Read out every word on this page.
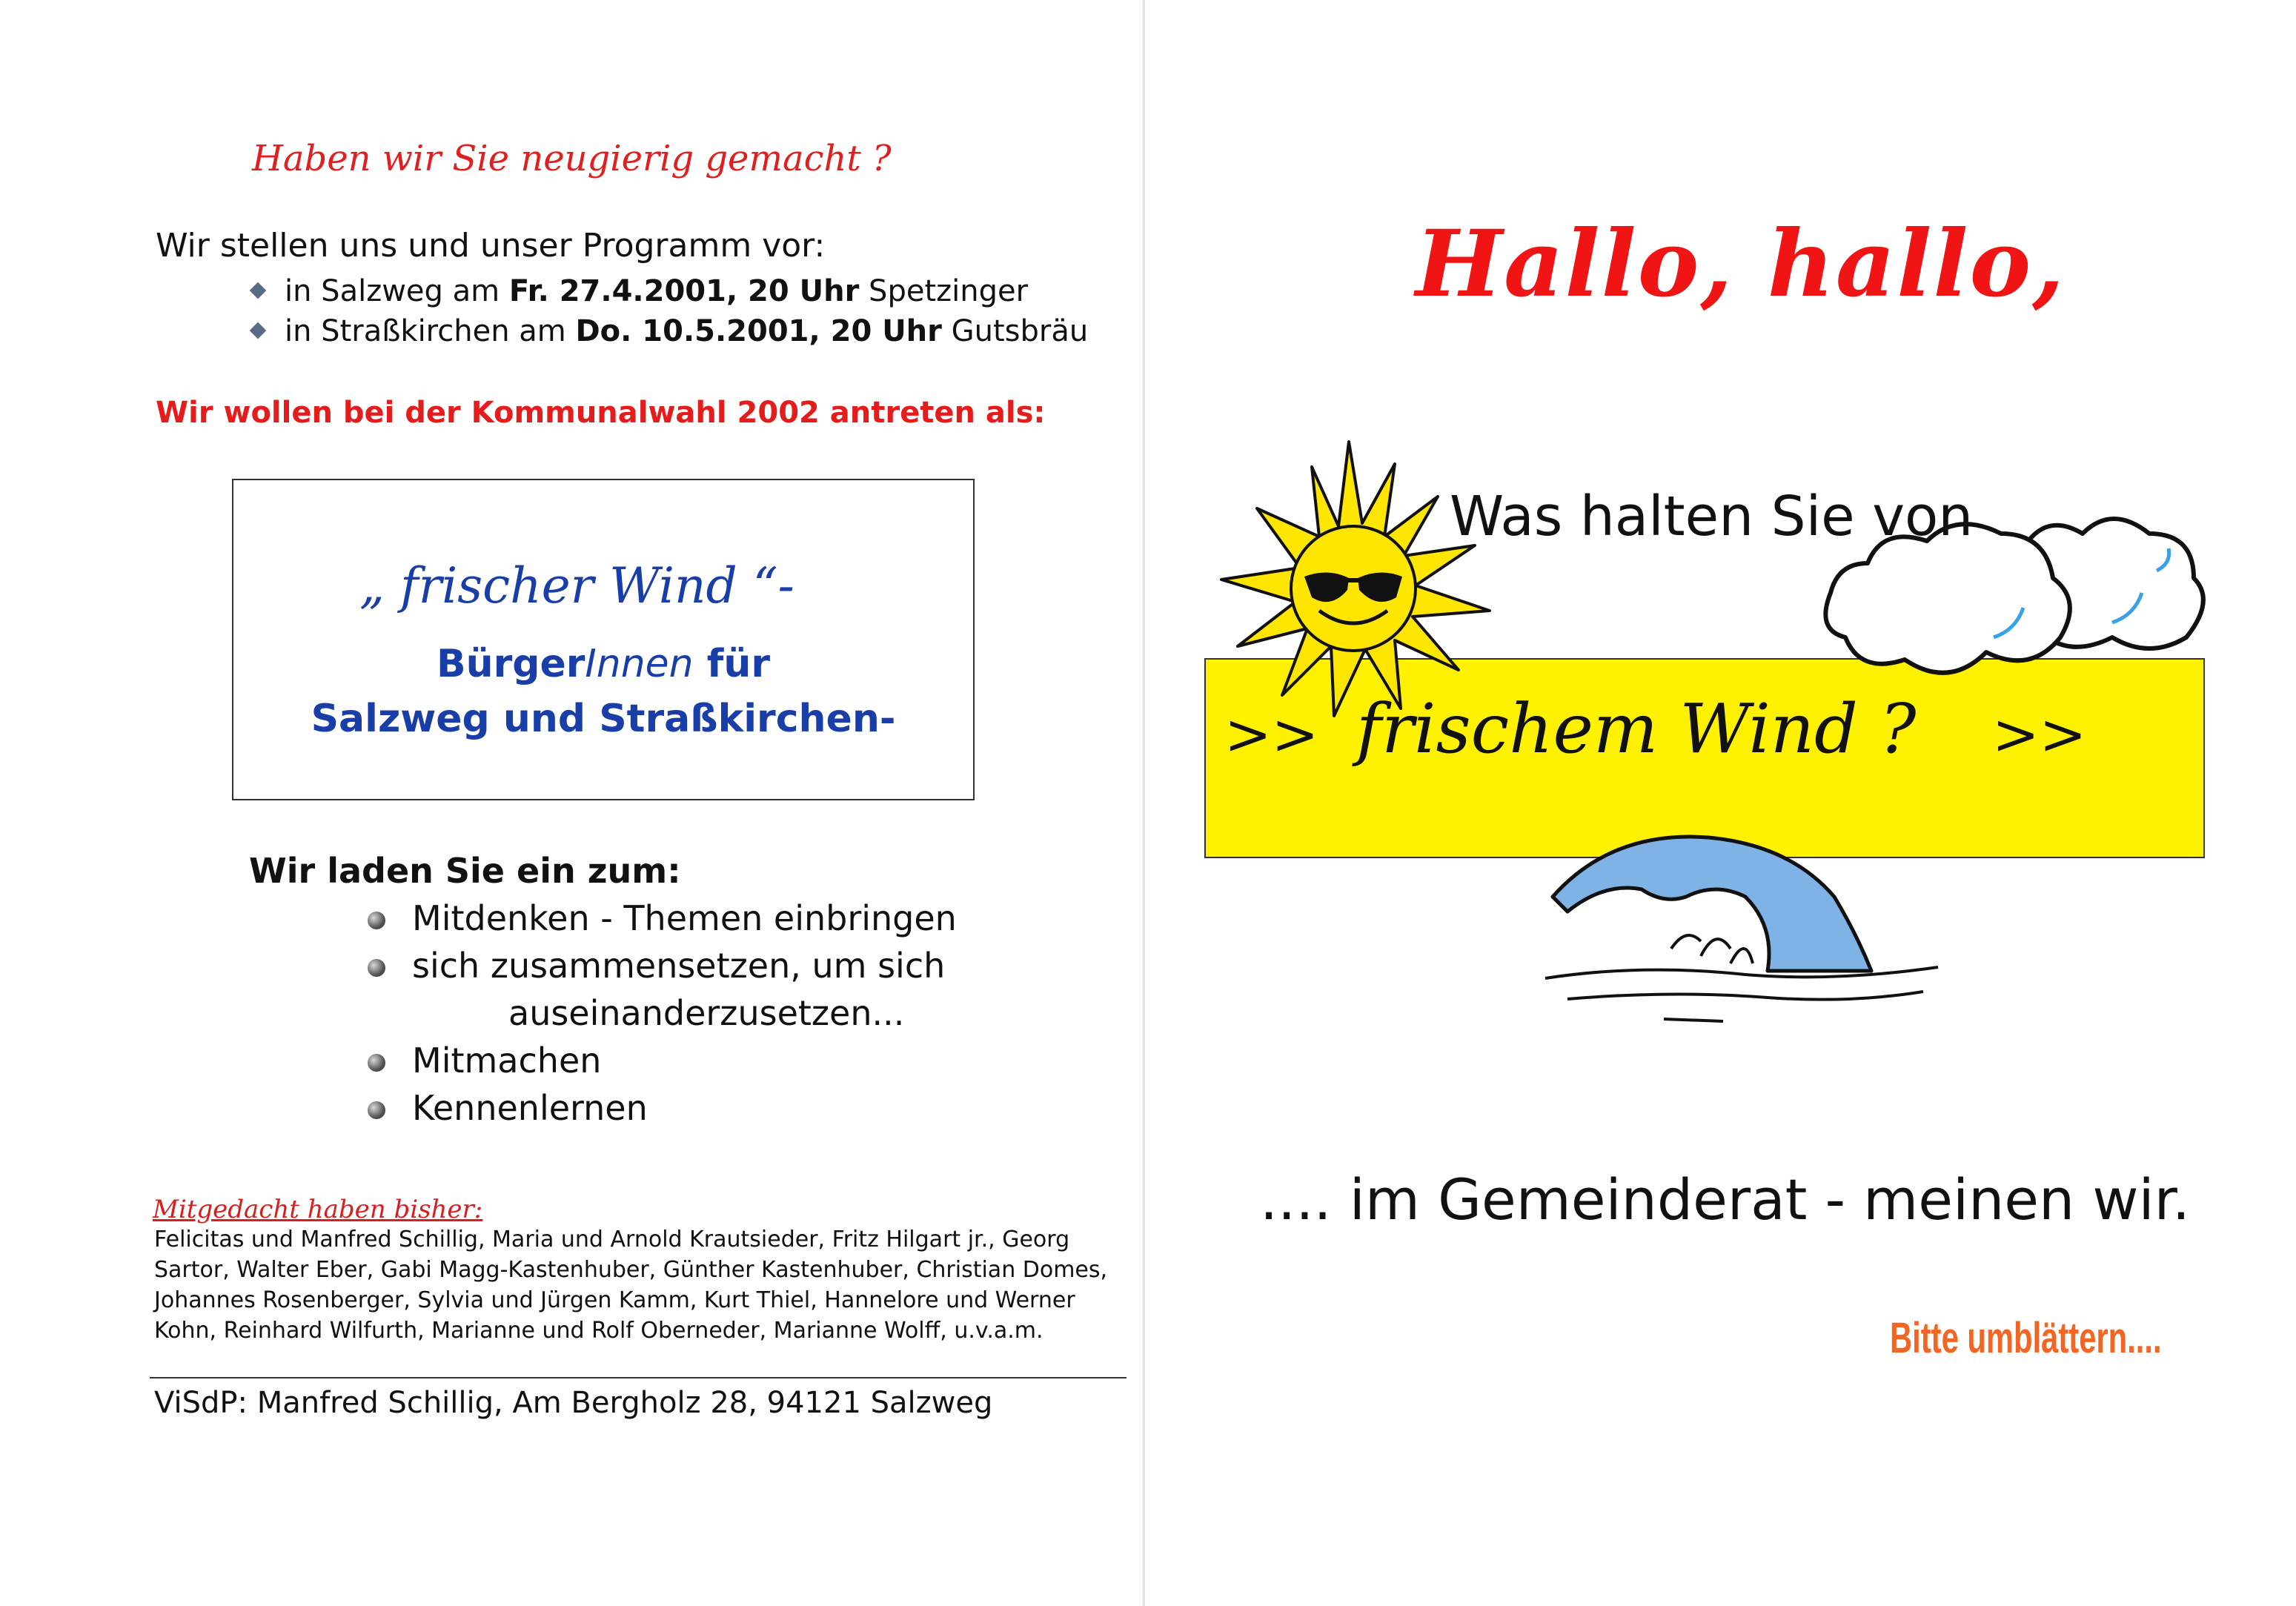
Haben wir Sie neugierig gemacht ?

Wir stellen uns und unser Programm vor:

in Salzweg am Fr. 27.4.2001, 20 Uhr Spetzinger
in Straßkirchen am Do. 10.5.2001, 20 Uhr Gutsbräu

Wir wollen bei der Kommunalwahl 2002 antreten als:

„ frischer Wind “-
BürgerInnen für
Salzweg und Straßkirchen-

Wir laden Sie ein zum:

Mitdenken - Themen einbringen
sich zusammensetzen, um sich
auseinanderzusetzen...
Mitmachen
Kennenlernen

Mitgedacht haben bisher:

Felicitas und Manfred Schillig, Maria und Arnold Krautsieder, Fritz Hilgart jr., Georg
Sartor, Walter Eber, Gabi Magg-Kastenhuber, Günther Kastenhuber, Christian Domes,
Johannes Rosenberger, Sylvia und Jürgen Kamm, Kurt Thiel, Hannelore und Werner
Kohn, Reinhard Wilfurth, Marianne und Rolf Oberneder, Marianne Wolff, u.v.a.m.

ViSdP: Manfred Schillig, Am Bergholz 28, 94121 Salzweg

Hallo, hallo,

Was halten Sie von

>> frischem Wind ? >>

.... im Gemeinderat - meinen wir.

Bitte umblättern....
